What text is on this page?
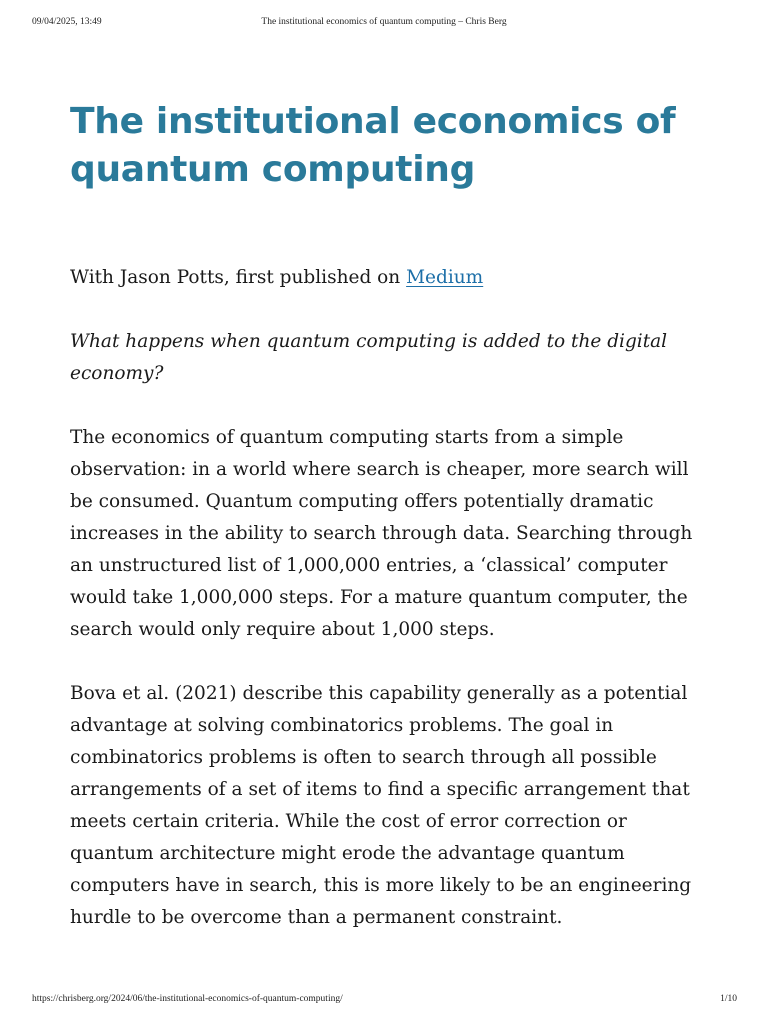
09/04/2025, 13:49	The institutional economics of quantum computing – Chris Berg
The institutional economics of quantum computing

With Jason Potts, first published on Medium

What happens when quantum computing is added to the digital economy?

The economics of quantum computing starts from a simple observation: in a world where search is cheaper, more search will be consumed. Quantum computing offers potentially dramatic increases in the ability to search through data. Searching through an unstructured list of 1,000,000 entries, a ‘classical’ computer would take 1,000,000 steps. For a mature quantum computer, the search would only require about 1,000 steps.

Bova et al. (2021) describe this capability generally as a potential advantage at solving combinatorics problems. The goal in combinatorics problems is often to search through all possible arrangements of a set of items to find a specific arrangement that meets certain criteria. While the cost of error correction or quantum architecture might erode the advantage quantum computers have in search, this is more likely to be an engineering hurdle to be overcome than a permanent constraint.

https://chrisberg.org/2024/06/the-institutional-economics-of-quantum-computing/	1/10
